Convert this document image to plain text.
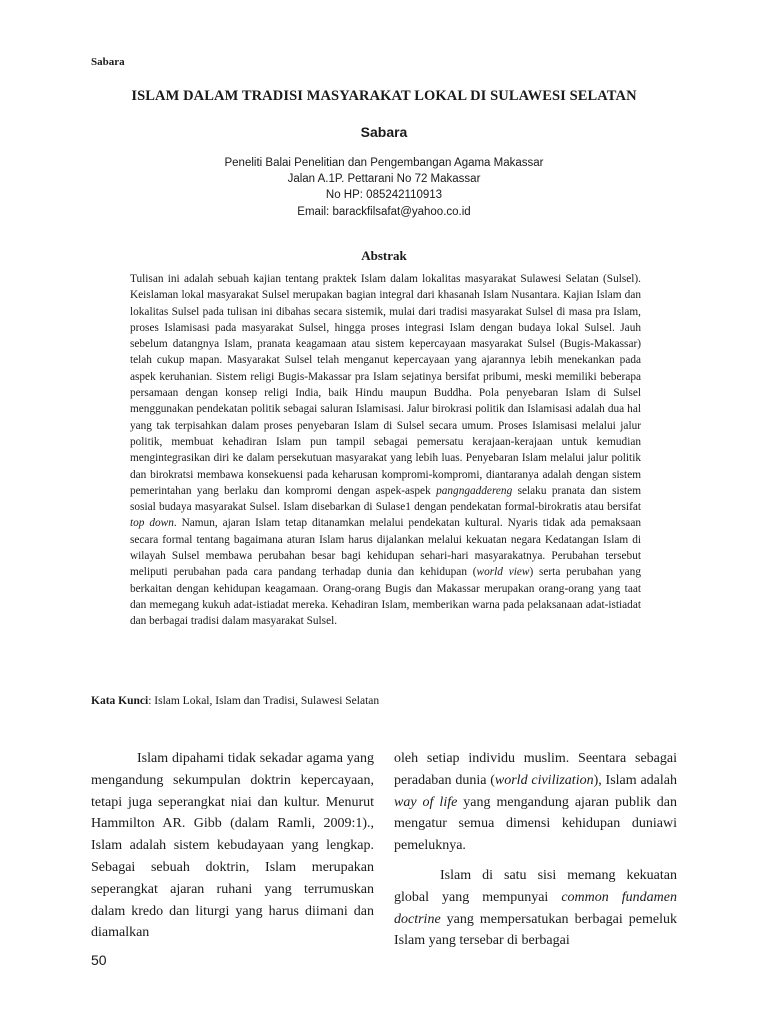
Sabara
ISLAM DALAM TRADISI MASYARAKAT LOKAL DI SULAWESI SELATAN
Sabara
Peneliti Balai Penelitian dan Pengembangan Agama Makassar
Jalan A.1P. Pettarani No 72 Makassar
No HP: 085242110913
Email: barackfilsafat@yahoo.co.id
Abstrak

Tulisan ini adalah sebuah kajian tentang praktek Islam dalam lokalitas masyarakat Sulawesi Selatan (Sulsel). Keislaman lokal masyarakat Sulsel merupakan bagian integral dari khasanah Islam Nusantara. Kajian Islam dan lokalitas Sulsel pada tulisan ini dibahas secara sistemik, mulai dari tradisi masyarakat Sulsel di masa pra Islam, proses Islamisasi pada masyarakat Sulsel, hingga proses integrasi Islam dengan budaya lokal Sulsel. Jauh sebelum datangnya Islam, pranata keagamaan atau sistem kepercayaan masyarakat Sulsel (Bugis-Makassar) telah cukup mapan. Masyarakat Sulsel telah menganut kepercayaan yang ajarannya lebih menekankan pada aspek keruhanian. Sistem religi Bugis-Makassar pra Islam sejatinya bersifat pribumi, meski memiliki beberapa persamaan dengan konsep religi India, baik Hindu maupun Buddha. Pola penyebaran Islam di Sulsel menggunakan pendekatan politik sebagai saluran Islamisasi. Jalur birokrasi politik dan Islamisasi adalah dua hal yang tak terpisahkan dalam proses penyebaran Islam di Sulsel secara umum. Proses Islamisasi melalui jalur politik, membuat kehadiran Islam pun tampil sebagai pemersatu kerajaan-kerajaan untuk kemudian mengintegrasikan diri ke dalam persekutuan masyarakat yang lebih luas. Penyebaran Islam melalui jalur politik dan birokratsi membawa konsekuensi pada keharusan kompromi-kompromi, diantaranya adalah dengan sistem pemerintahan yang berlaku dan kompromi dengan aspek-aspek pangngaddereng selaku pranata dan sistem sosial budaya masyarakat Sulsel. Islam disebarkan di Sulase1 dengan pendekatan formal-birokratis atau bersifat top down. Namun, ajaran Islam tetap ditanamkan melalui pendekatan kultural. Nyaris tidak ada pemaksaan secara formal tentang bagaimana aturan Islam harus dijalankan melalui kekuatan negara Kedatangan Islam di wilayah Sulsel membawa perubahan besar bagi kehidupan sehari-hari masyarakatnya. Perubahan tersebut meliputi perubahan pada cara pandang terhadap dunia dan kehidupan (world view) serta perubahan yang berkaitan dengan kehidupan keagamaan. Orang-orang Bugis dan Makassar merupakan orang-orang yang taat dan memegang kukuh adat-istiadat mereka. Kehadiran Islam, memberikan warna pada pelaksanaan adat-istiadat dan berbagai tradisi dalam masyarakat Sulsel.

Kata Kunci: Islam Lokal, Islam dan Tradisi, Sulawesi Selatan

Islam dipahami tidak sekadar agama yang mengandung sekumpulan doktrin kepercayaan, tetapi juga seperangkat niai dan kultur. Menurut Hammilton AR. Gibb (dalam Ramli, 2009:1)., Islam adalah sistem kebudayaan yang lengkap. Sebagai sebuah doktrin, Islam merupakan seperangkat ajaran ruhani yang terrumuskan dalam kredo dan liturgi yang harus diimani dan diamalkan

oleh setiap individu muslim. Seentara sebagai peradaban dunia (world civilization), Islam adalah way of life yang mengandung ajaran publik dan mengatur semua dimensi kehidupan duniawi pemeluknya.

Islam di satu sisi memang kekuatan global yang mempunyai common fundamen doctrine yang mempersatukan berbagai pemeluk Islam yang tersebar di berbagai

50
